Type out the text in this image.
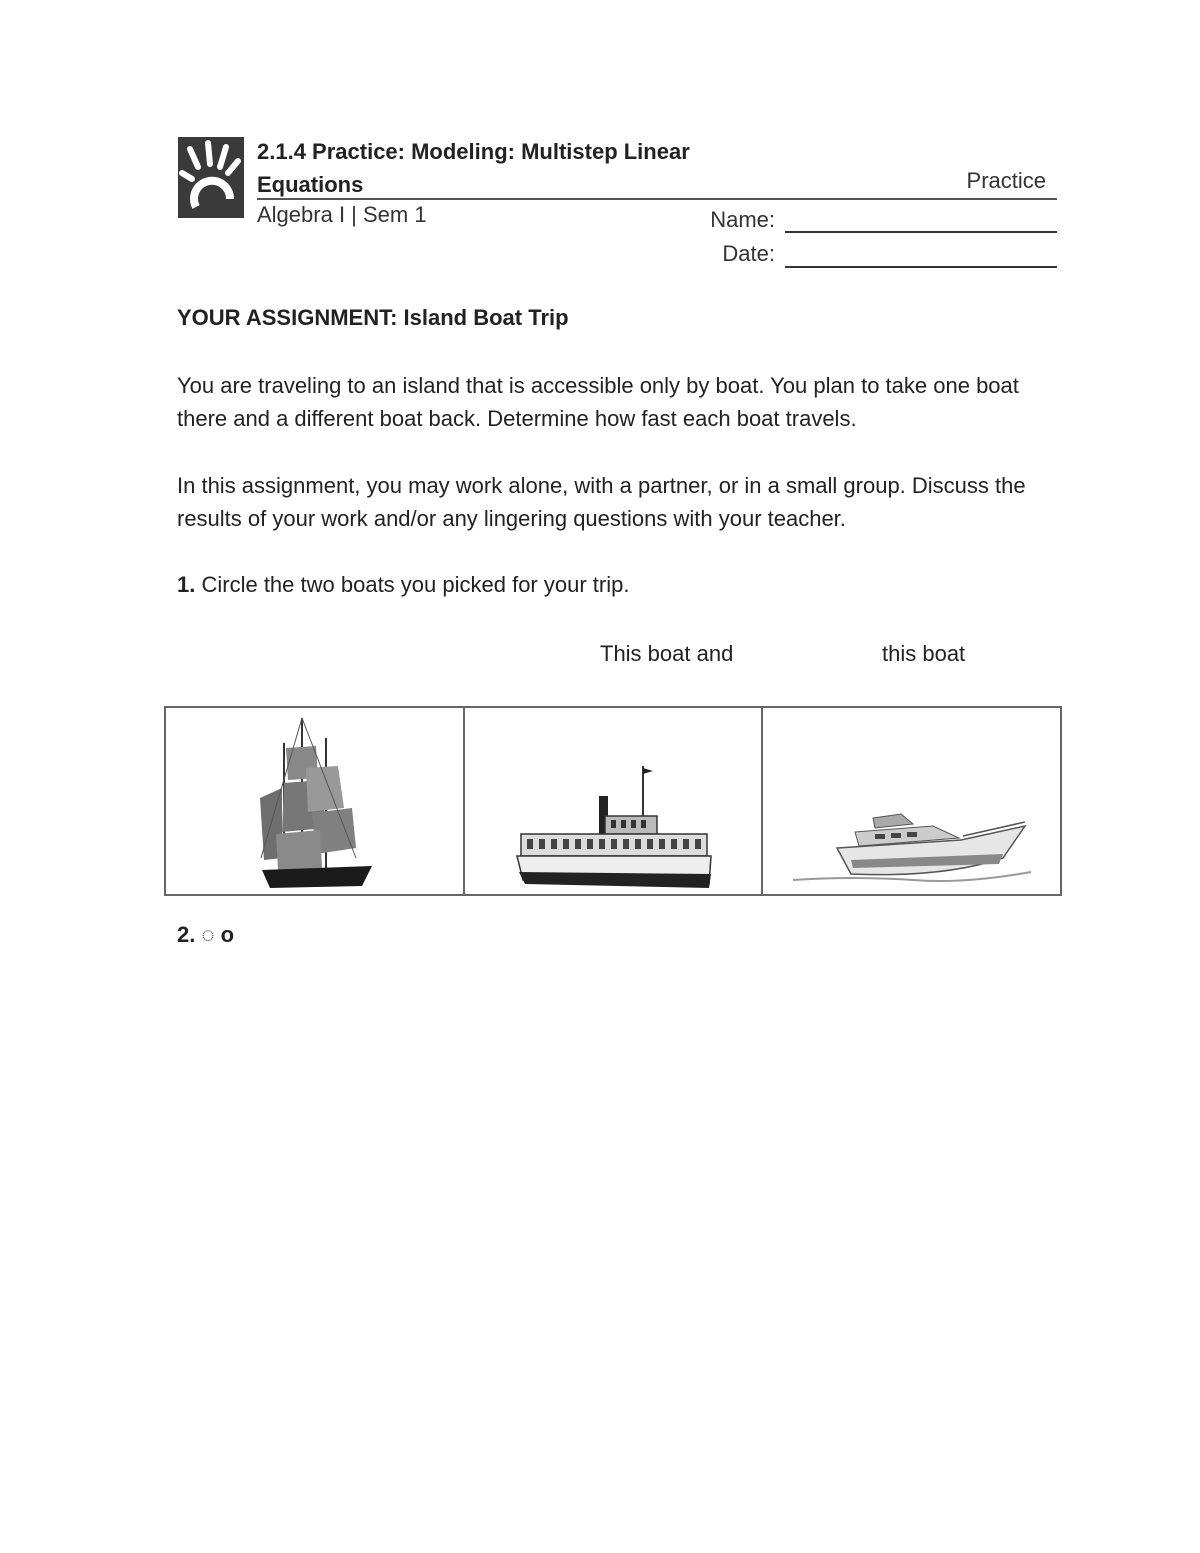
2.1.4 Practice: Modeling: Multistep Linear Equations	Practice
Algebra I | Sem 1	Name:
Date:
YOUR ASSIGNMENT: Island Boat Trip
You are traveling to an island that is accessible only by boat. You plan to take one boat there and a different boat back. Determine how fast each boat travels.
In this assignment, you may work alone, with a partner, or in a small group. Discuss the results of your work and/or any lingering questions with your teacher.
1. Circle the two boats you picked for your trip.
This boat and	this boat
2. ◌ o
